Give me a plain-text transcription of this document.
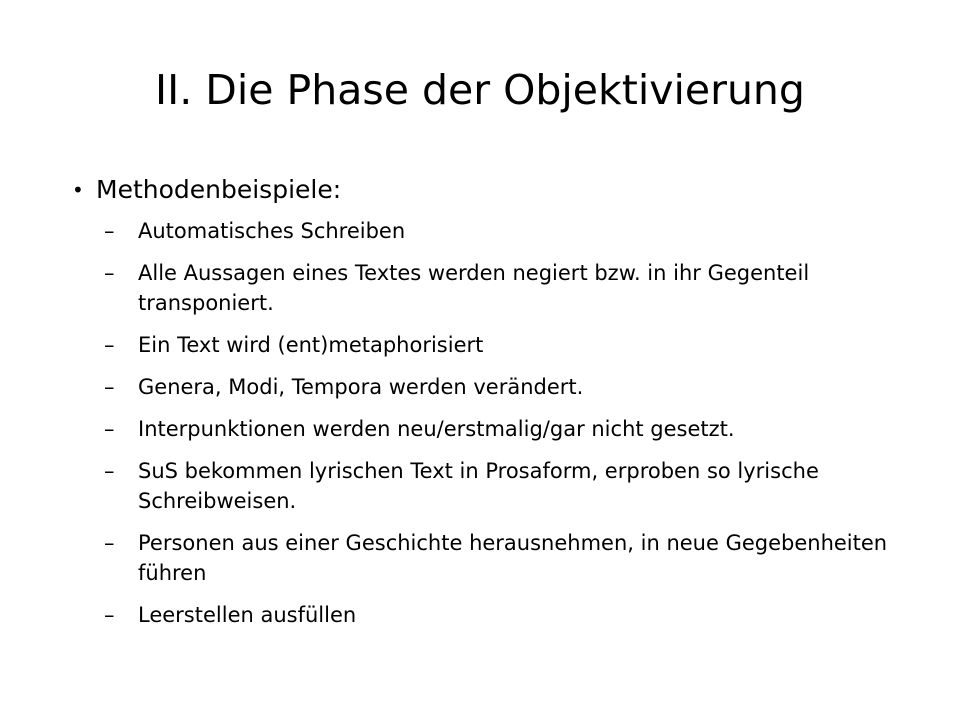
II. Die Phase der Objektivierung
• Methodenbeispiele:
–	Automatisches Schreiben
–	Alle Aussagen eines Textes werden negiert bzw. in ihr Gegenteil transponiert.
–	Ein Text wird (ent)metaphorisiert
–	Genera, Modi, Tempora werden verändert.
–	Interpunktionen werden neu/erstmalig/gar nicht gesetzt.
–	SuS bekommen lyrischen Text in Prosaform, erproben so lyrische Schreibweisen.
–	Personen aus einer Geschichte herausnehmen, in neue Gegebenheiten führen
–	Leerstellen ausfüllen
